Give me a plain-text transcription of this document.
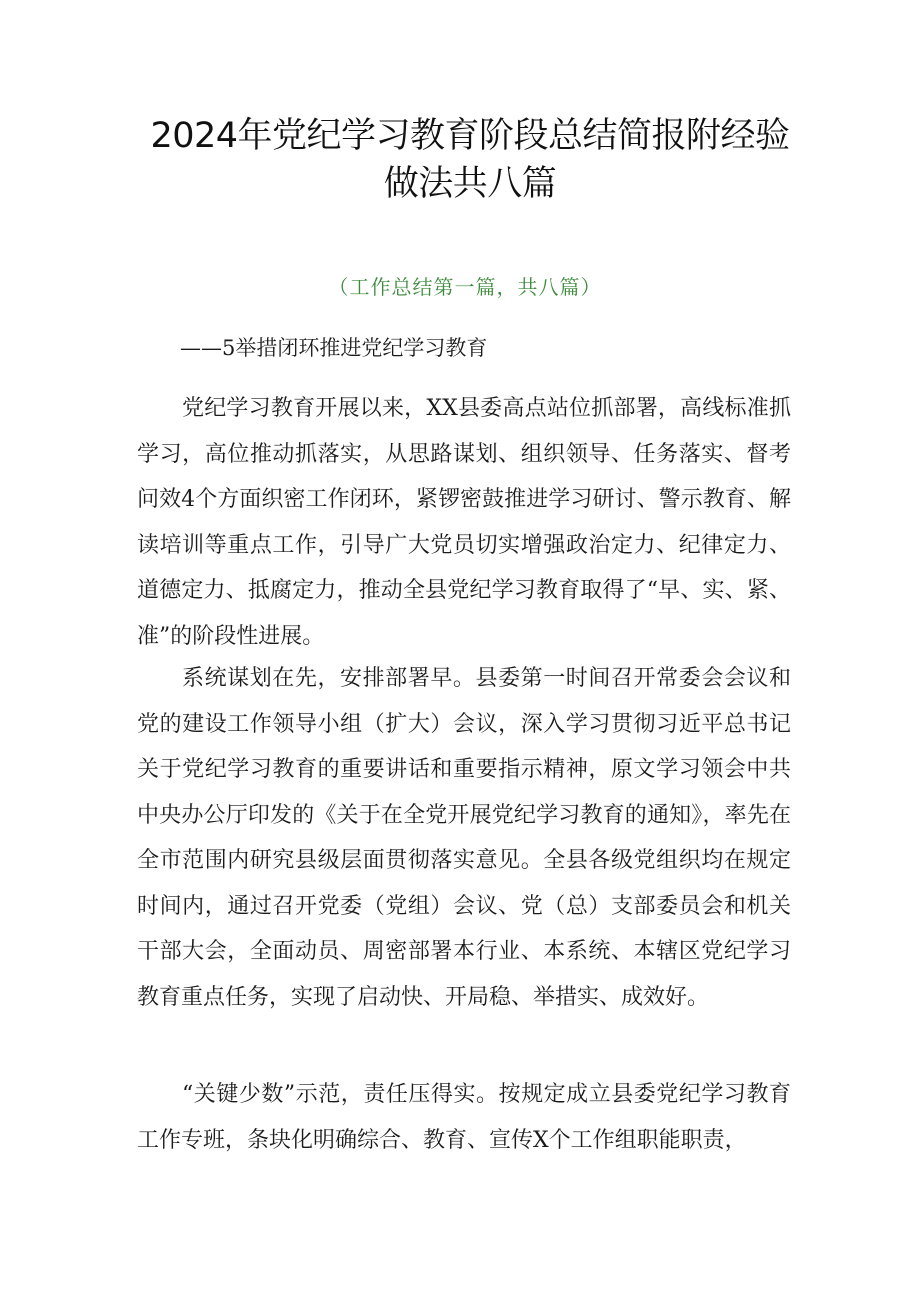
2024年党纪学习教育阶段总结简报附经验
做法共八篇
（工作总结第一篇，共八篇）
——5举措闭环推进党纪学习教育

党纪学习教育开展以来，XX县委高点站位抓部署，高线标准抓学习，高位推动抓落实，从思路谋划、组织领导、任务落实、督考问效4个方面织密工作闭环，紧锣密鼓推进学习研讨、警示教育、解读培训等重点工作，引导广大党员切实增强政治定力、纪律定力、道德定力、抵腐定力，推动全县党纪学习教育取得了“早、实、紧、准”的阶段性进展。

系统谋划在先，安排部署早。县委第一时间召开常委会会议和党的建设工作领导小组（扩大）会议，深入学习贯彻习近平总书记关于党纪学习教育的重要讲话和重要指示精神，原文学习领会中共中央办公厅印发的《关于在全党开展党纪学习教育的通知》，率先在全市范围内研究县级层面贯彻落实意见。全县各级党组织均在规定时间内，通过召开党委（党组）会议、党（总）支部委员会和机关干部大会，全面动员、周密部署本行业、本系统、本辖区党纪学习教育重点任务，实现了启动快、开局稳、举措实、成效好。

“关键少数”示范，责任压得实。按规定成立县委党纪学习教育工作专班，条块化明确综合、教育、宣传X个工作组职能职责，
